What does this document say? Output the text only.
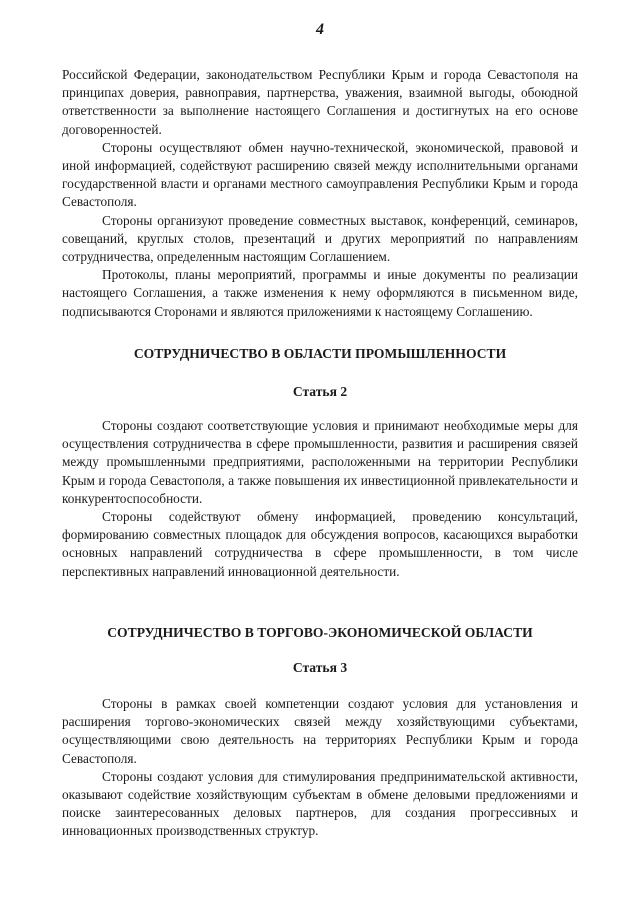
4

Российской Федерации, законодательством Республики Крым и города Севастополя на принципах доверия, равноправия, партнерства, уважения, взаимной выгоды, обоюдной ответственности за выполнение настоящего Соглашения и достигнутых на его основе договоренностей.

Стороны осуществляют обмен научно-технической, экономической, правовой и иной информацией, содействуют расширению связей между исполнительными органами государственной власти и органами местного самоуправления Республики Крым и города Севастополя.

Стороны организуют проведение совместных выставок, конференций, семинаров, совещаний, круглых столов, презентаций и других мероприятий по направлениям сотрудничества, определенным настоящим Соглашением.

Протоколы, планы мероприятий, программы и иные документы по реализации настоящего Соглашения, а также изменения к нему оформляются в письменном виде, подписываются Сторонами и являются приложениями к настоящему Соглашению.

СОТРУДНИЧЕСТВО В ОБЛАСТИ ПРОМЫШЛЕННОСТИ
Статья 2

Стороны создают соответствующие условия и принимают необходимые меры для осуществления сотрудничества в сфере промышленности, развития и расширения связей между промышленными предприятиями, расположенными на территории Республики Крым и города Севастополя, а также повышения их инвестиционной привлекательности и конкурентоспособности.

Стороны содействуют обмену информацией, проведению консультаций, формированию совместных площадок для обсуждения вопросов, касающихся выработки основных направлений сотрудничества в сфере промышленности, в том числе перспективных направлений инновационной деятельности.

СОТРУДНИЧЕСТВО В ТОРГОВО-ЭКОНОМИЧЕСКОЙ ОБЛАСТИ
Статья 3

Стороны в рамках своей компетенции создают условия для установления и расширения торгово-экономических связей между хозяйствующими субъектами, осуществляющими свою деятельность на территориях Республики Крым и города Севастополя.

Стороны создают условия для стимулирования предпринимательской активности, оказывают содействие хозяйствующим субъектам в обмене деловыми предложениями и поиске заинтересованных деловых партнеров, для создания прогрессивных и инновационных производственных структур.
